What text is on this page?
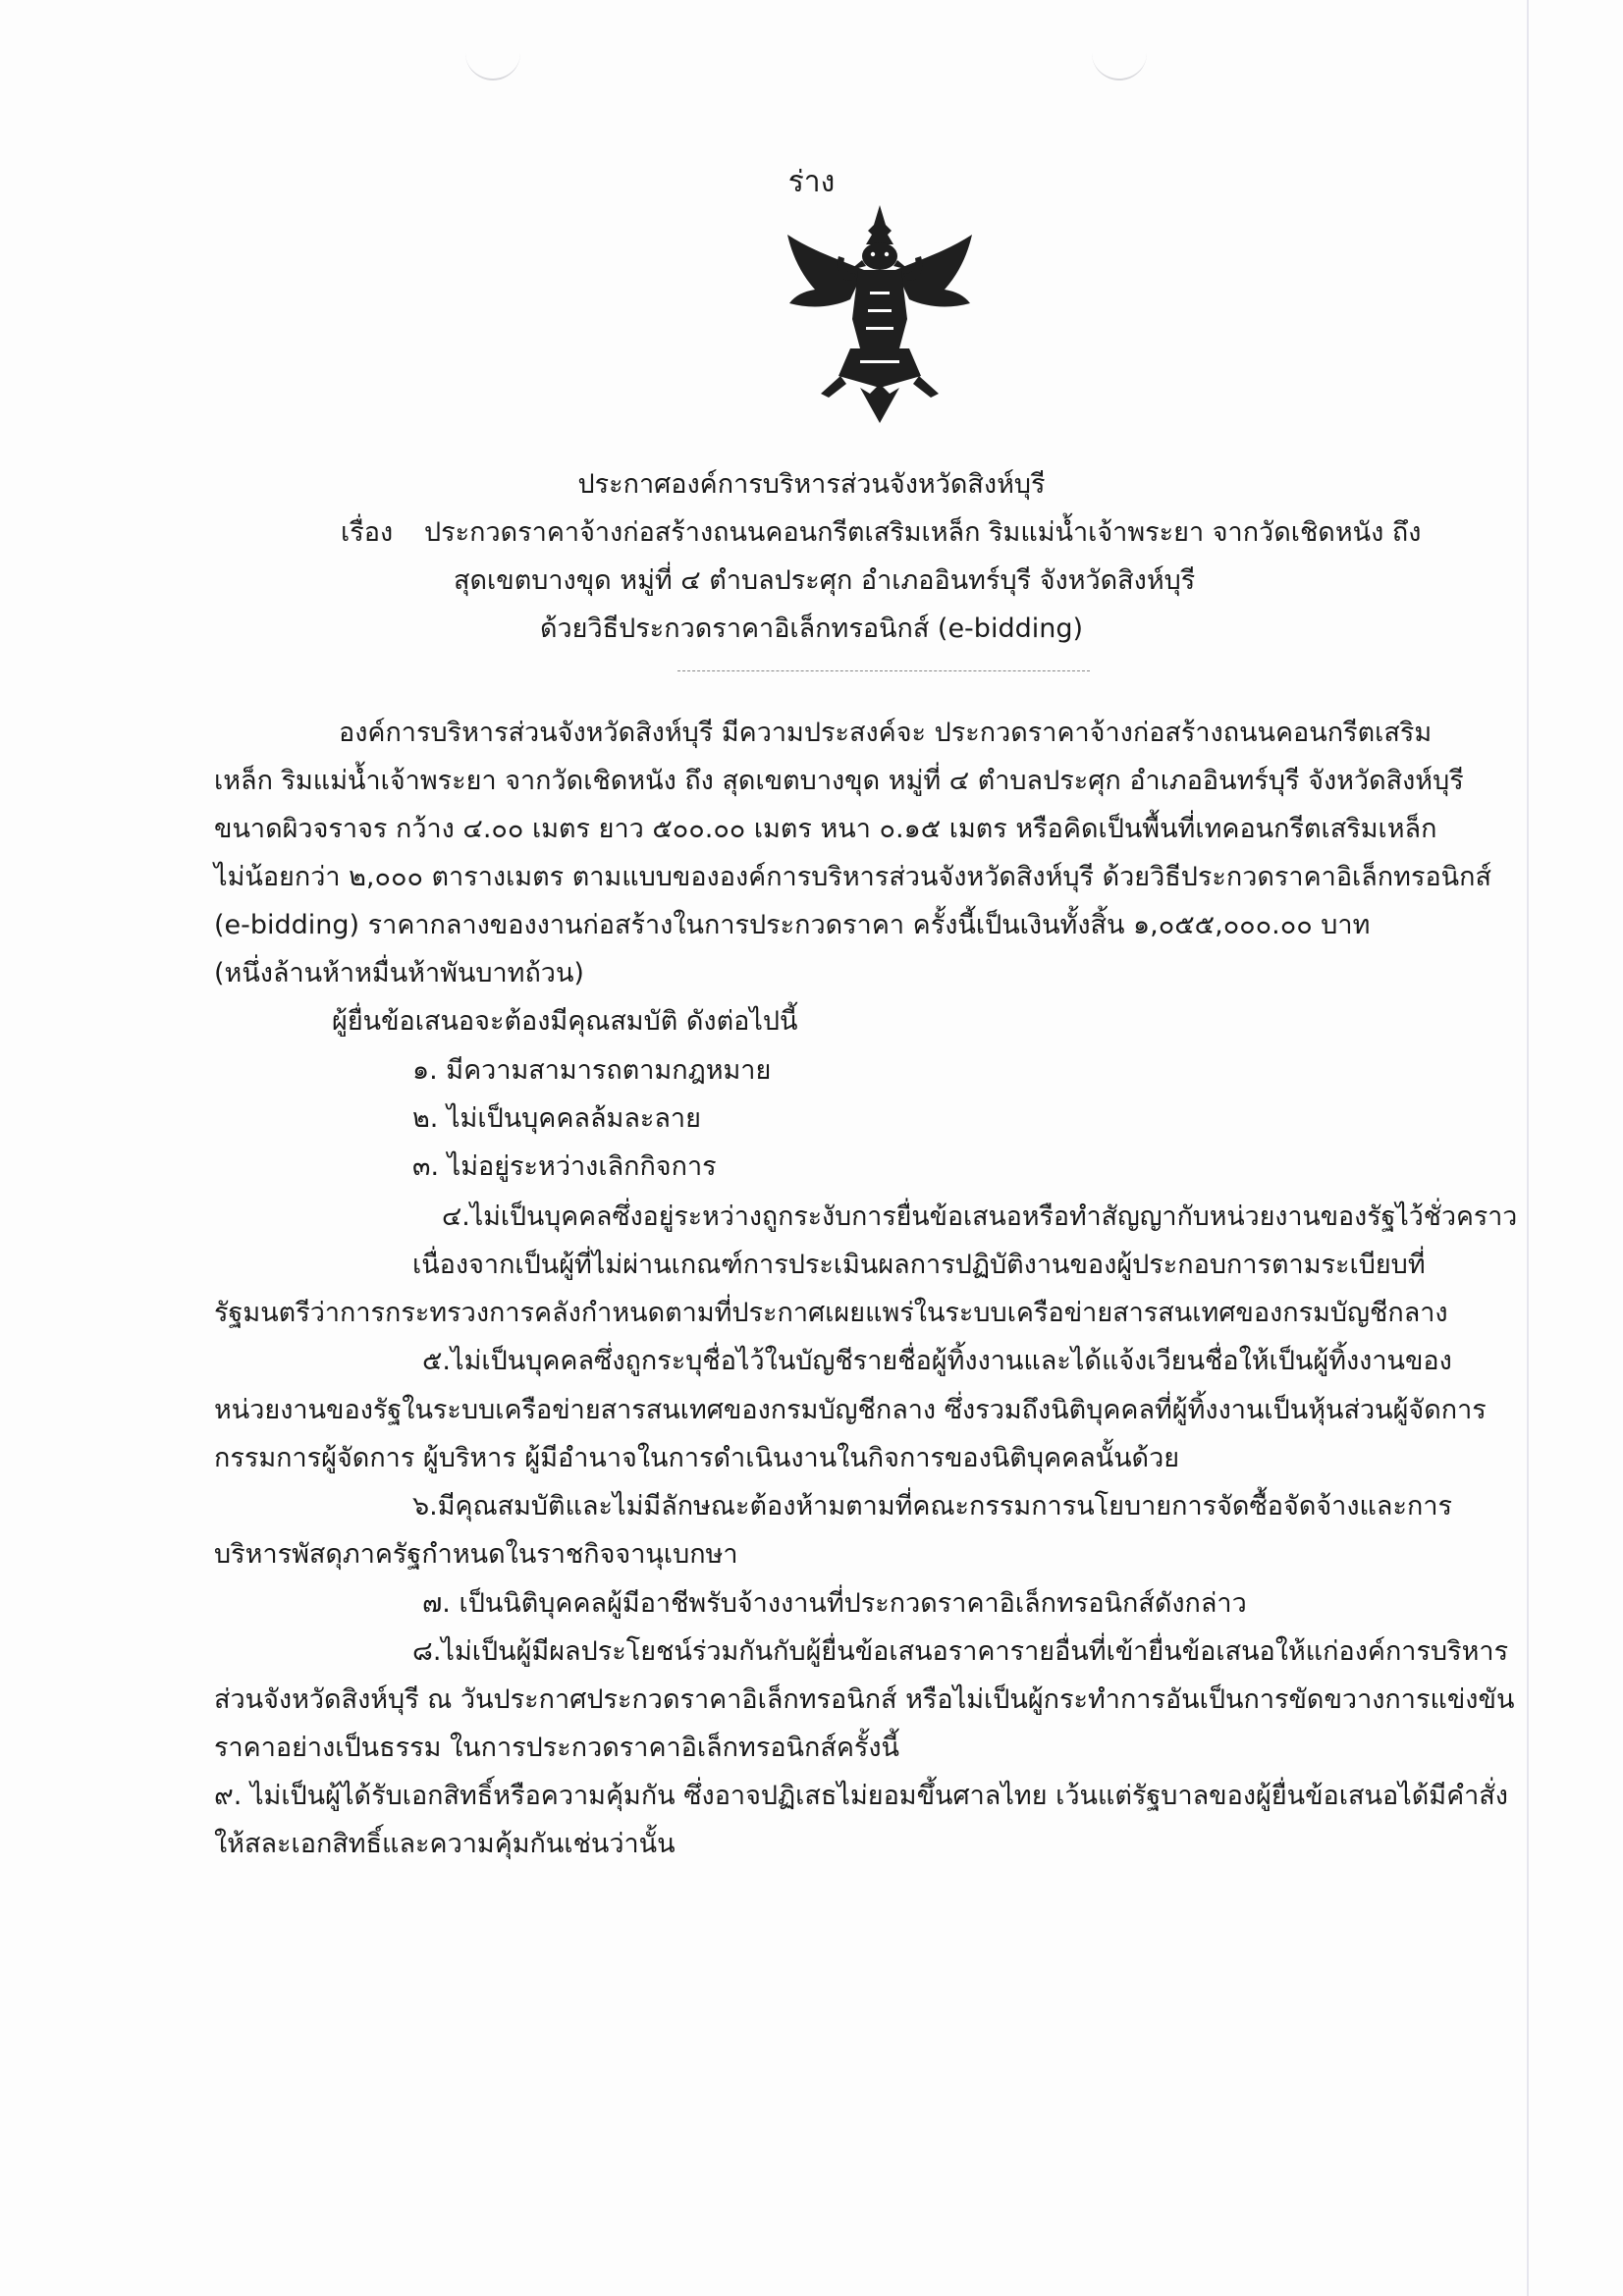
ร่าง
ประกาศองค์การบริหารส่วนจังหวัดสิงห์บุรี
เรื่อง ประกวดราคาจ้างก่อสร้างถนนคอนกรีตเสริมเหล็ก ริมแม่น้ำเจ้าพระยา จากวัดเชิดหนัง ถึง
สุดเขตบางขุด หมู่ที่ ๔ ตำบลประศุก อำเภออินทร์บุรี จังหวัดสิงห์บุรี
ด้วยวิธีประกวดราคาอิเล็กทรอนิกส์ (e-bidding)
องค์การบริหารส่วนจังหวัดสิงห์บุรี มีความประสงค์จะ ประกวดราคาจ้างก่อสร้างถนนคอนกรีตเสริม
เหล็ก ริมแม่น้ำเจ้าพระยา จากวัดเชิดหนัง ถึง สุดเขตบางขุด หมู่ที่ ๔ ตำบลประศุก อำเภออินทร์บุรี จังหวัดสิงห์บุรี
ขนาดผิวจราจร กว้าง ๔.๐๐ เมตร ยาว ๕๐๐.๐๐ เมตร หนา ๐.๑๕ เมตร หรือคิดเป็นพื้นที่เทคอนกรีตเสริมเหล็ก
ไม่น้อยกว่า ๒,๐๐๐ ตารางเมตร ตามแบบขององค์การบริหารส่วนจังหวัดสิงห์บุรี ด้วยวิธีประกวดราคาอิเล็กทรอนิกส์
(e-bidding) ราคากลางของงานก่อสร้างในการประกวดราคา ครั้งนี้เป็นเงินทั้งสิ้น ๑,๐๕๕,๐๐๐.๐๐ บาท
(หนึ่งล้านห้าหมื่นห้าพันบาทถ้วน)
ผู้ยื่นข้อเสนอจะต้องมีคุณสมบัติ ดังต่อไปนี้
๑. มีความสามารถตามกฎหมาย
๒. ไม่เป็นบุคคลล้มละลาย
๓. ไม่อยู่ระหว่างเลิกกิจการ
๔.ไม่เป็นบุคคลซึ่งอยู่ระหว่างถูกระงับการยื่นข้อเสนอหรือทำสัญญากับหน่วยงานของรัฐไว้ชั่วคราว
เนื่องจากเป็นผู้ที่ไม่ผ่านเกณฑ์การประเมินผลการปฏิบัติงานของผู้ประกอบการตามระเบียบที่
รัฐมนตรีว่าการกระทรวงการคลังกำหนดตามที่ประกาศเผยแพร่ในระบบเครือข่ายสารสนเทศของกรมบัญชีกลาง
๕.ไม่เป็นบุคคลซึ่งถูกระบุชื่อไว้ในบัญชีรายชื่อผู้ทิ้งงานและได้แจ้งเวียนชื่อให้เป็นผู้ทิ้งงานของ
หน่วยงานของรัฐในระบบเครือข่ายสารสนเทศของกรมบัญชีกลาง ซึ่งรวมถึงนิติบุคคลที่ผู้ทิ้งงานเป็นหุ้นส่วนผู้จัดการ
กรรมการผู้จัดการ ผู้บริหาร ผู้มีอำนาจในการดำเนินงานในกิจการของนิติบุคคลนั้นด้วย
๖.มีคุณสมบัติและไม่มีลักษณะต้องห้ามตามที่คณะกรรมการนโยบายการจัดซื้อจัดจ้างและการ
บริหารพัสดุภาครัฐกำหนดในราชกิจจานุเบกษา
๗. เป็นนิติบุคคลผู้มีอาชีพรับจ้างงานที่ประกวดราคาอิเล็กทรอนิกส์ดังกล่าว
๘.ไม่เป็นผู้มีผลประโยชน์ร่วมกันกับผู้ยื่นข้อเสนอราคารายอื่นที่เข้ายื่นข้อเสนอให้แก่องค์การบริหาร
ส่วนจังหวัดสิงห์บุรี ณ วันประกาศประกวดราคาอิเล็กทรอนิกส์ หรือไม่เป็นผู้กระทำการอันเป็นการขัดขวางการแข่งขัน
ราคาอย่างเป็นธรรม ในการประกวดราคาอิเล็กทรอนิกส์ครั้งนี้
๙. ไม่เป็นผู้ได้รับเอกสิทธิ์หรือความคุ้มกัน ซึ่งอาจปฏิเสธไม่ยอมขึ้นศาลไทย เว้นแต่รัฐบาลของผู้ยื่นข้อเสนอได้มีคำสั่ง
ให้สละเอกสิทธิ์และความคุ้มกันเช่นว่านั้น
